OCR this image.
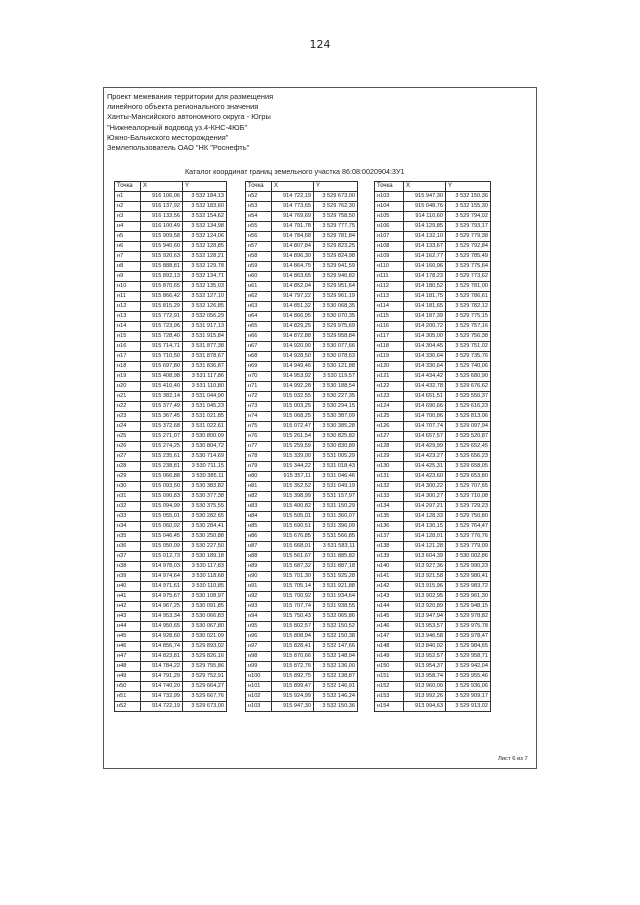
124
Проект межевания территории для размещения
линейного объекта регионального значения
Ханты-Мансийского автономного округа - Югры
"Нижнеалорный водовод уз.4-КНС-4ЮБ"
Южно-Балыкского месторождения"
Землепользователь ОАО "НК "Роснефть"
Каталог координат границ земельного участка 86:08:0020904:3У1
Точка	X	Y
н1	916 106,06	3 532 184,13
н2	916 137,92	3 532 183,60
н3	916 133,56	3 532 154,62
н4	916 100,49	3 532 134,98
н5	915 909,58	3 532 124,06
н6	915 940,60	3 532 128,85
н7	915 920,63	3 532 128,21
н8	915 888,81	3 532 129,78
н9	915 892,13	3 532 134,71
н10	915 870,65	3 532 135,03
н11	915 866,42	3 532 127,10
н12	915 815,29	3 532 126,85
н13	915 772,91	3 532 056,29
н14	915 723,96	3 531 917,13
н15	915 728,40	3 531 915,84
н16	915 714,71	3 531 877,38
н17	915 710,50	3 531 878,67
н18	915 697,80	3 531 836,87
н19	915 408,98	3 531 117,86
н20	915 410,40	3 531 110,80
н21	915 382,14	3 531 044,90
н22	915 377,49	3 531 045,23
н23	915 367,45	3 531 021,85
н24	915 372,68	3 531 022,61
н25	915 271,07	3 530 800,09
н26	915 274,25	3 530 804,72
н27	915 235,61	3 530 714,69
н28	915 238,81	3 530 711,15
н29	915 066,88	3 530 385,11
н30	915 093,50	3 530 383,82
н31	915 090,83	3 530 377,38
н32	915 094,99	3 530 375,55
н33	915 055,01	3 530 282,65
н34	915 060,92	3 530 284,41
н35	915 046,45	3 530 250,88
н36	915 050,09	3 530 227,50
н37	915 012,73	3 530 189,18
н38	914 978,03	3 530 117,83
н39	914 974,64	3 530 118,68
н40	914 971,61	3 530 110,85
н41	914 975,67	3 530 108,97
н42	914 967,25	3 530 091,85
н43	914 953,34	3 530 066,83
н44	914 950,65	3 530 067,80
н45	914 928,60	3 530 021,09
н46	914 856,74	3 529 893,02
н47	914 823,81	3 529 826,16
н48	914 784,22	3 529 755,86
н49	914 791,29	3 529 752,91
н50	914 740,20	3 529 664,27
н51	914 732,99	3 529 667,76
н52	914 722,19	3 529 673,00
Точка	X	Y
н52	914 722,19	3 529 673,00
н53	914 773,65	3 529 762,30
н54	914 769,69	3 529 758,50
н55	914 791,78	3 529 777,75
н56	914 784,68	3 529 781,84
н57	914 807,84	3 529 823,25
н58	914 896,30	3 529 824,98
н59	914 864,75	3 529 941,59
н60	914 863,65	3 529 946,82
н61	914 852,04	3 529 951,64
н62	914 797,22	3 529 961,19
н63	914 851,32	3 530 068,35
н64	914 866,95	3 530 070,35
н65	914 829,25	3 529 975,69
н66	914 872,88	3 529 958,84
н67	914 920,90	3 530 077,66
н68	914 928,50	3 530 078,63
н69	914 949,46	3 530 121,88
н70	914 953,92	3 530 119,57
н71	914 992,28	3 530 188,54
н72	915 032,55	3 530 227,35
н73	915 003,25	3 530 294,15
н74	915 068,25	3 530 387,09
н75	915 072,47	3 530 385,28
н76	915 261,54	3 530 825,82
н77	915 259,59	3 530 830,89
н78	915 339,00	3 531 005,29
н79	915 344,22	3 531 018,43
н80	915 357,11	3 531 046,46
н81	915 352,52	3 531 049,19
н82	915 398,99	3 531 157,97
н83	915 400,82	3 531 150,29
н84	915 505,01	3 531 360,07
н85	915 690,51	3 531 396,09
н86	915 676,85	3 531 566,85
н87	915 668,01	3 531 583,11
н88	915 561,67	3 531 885,82
н89	915 687,32	3 531 887,18
н90	915 701,30	3 531 925,28
н91	915 705,14	3 531 921,88
н92	915 700,92	3 531 934,64
н93	915 707,74	3 531 938,55
н94	915 750,43	3 532 065,86
н95	915 802,57	3 532 150,52
н96	915 808,94	3 532 150,38
н97	915 828,41	3 532 147,66
н98	915 870,66	3 532 148,94
н99	915 872,76	3 532 136,00
н100	915 892,75	3 532 138,87
н101	915 899,47	3 532 146,91
н102	915 924,99	3 532 146,24
н103	915 947,30	3 532 150,36
Точка	X	Y
н103	915 947,30	3 532 150,36
н104	915 048,76	3 532 155,30
н105	914 110,60	3 529 794,02
н106	914 129,85	3 529 793,17
н107	914 132,10	3 529 779,38
н108	914 133,67	3 529 792,84
н109	914 162,77	3 529 785,49
н110	914 160,96	3 529 775,64
н111	914 178,23	3 529 773,62
н112	914 180,52	3 529 781,00
н113	914 181,75	3 529 786,61
н114	914 181,65	3 529 782,12
н115	914 187,39	3 529 775,15
н116	914 200,72	3 529 757,16
н117	914 305,00	3 529 756,38
н118	914 304,45	3 529 751,02
н119	914 330,64	3 529 735,76
н120	914 330,64	3 529 740,06
н121	914 434,42	3 529 680,90
н122	914 432,78	3 529 676,62
н123	914 651,51	3 529 550,37
н124	914 690,66	3 529 616,23
н125	914 700,86	3 529 813,06
н126	914 707,74	3 529 097,94
н127	914 657,57	3 529 520,87
н128	914 429,99	3 529 652,45
н129	914 423,27	3 529 656,23
н130	914 425,31	3 529 658,05
н131	914 423,60	3 529 653,80
н132	914 300,22	3 529 707,65
н133	914 300,27	3 529 710,08
н134	914 297,21	3 529 729,23
н135	914 128,33	3 529 750,80
н136	914 130,15	3 529 764,47
н137	914 128,01	3 529 776,76
н138	914 121,28	3 529 779,09
н139	913 604,39	3 530 002,86
н140	913 927,36	3 529 990,23
н141	913 921,58	3 529 980,41
н142	913 915,96	3 529 983,72
н143	913 902,95	3 529 961,30
н144	913 920,89	3 529 948,15
н145	913 947,94	3 529 978,82
н146	913 953,57	3 529 975,78
н147	913 946,58	3 529 978,47
н148	913 840,92	3 529 984,65
н149	913 952,57	3 529 958,71
н150	913 954,37	3 529 942,04
н151	913 958,74	3 529 955,46
н152	913 960,00	3 529 936,06
н153	913 992,26	3 529 909,17
н154	913 994,63	3 529 913,02
Лист 6 из 7
